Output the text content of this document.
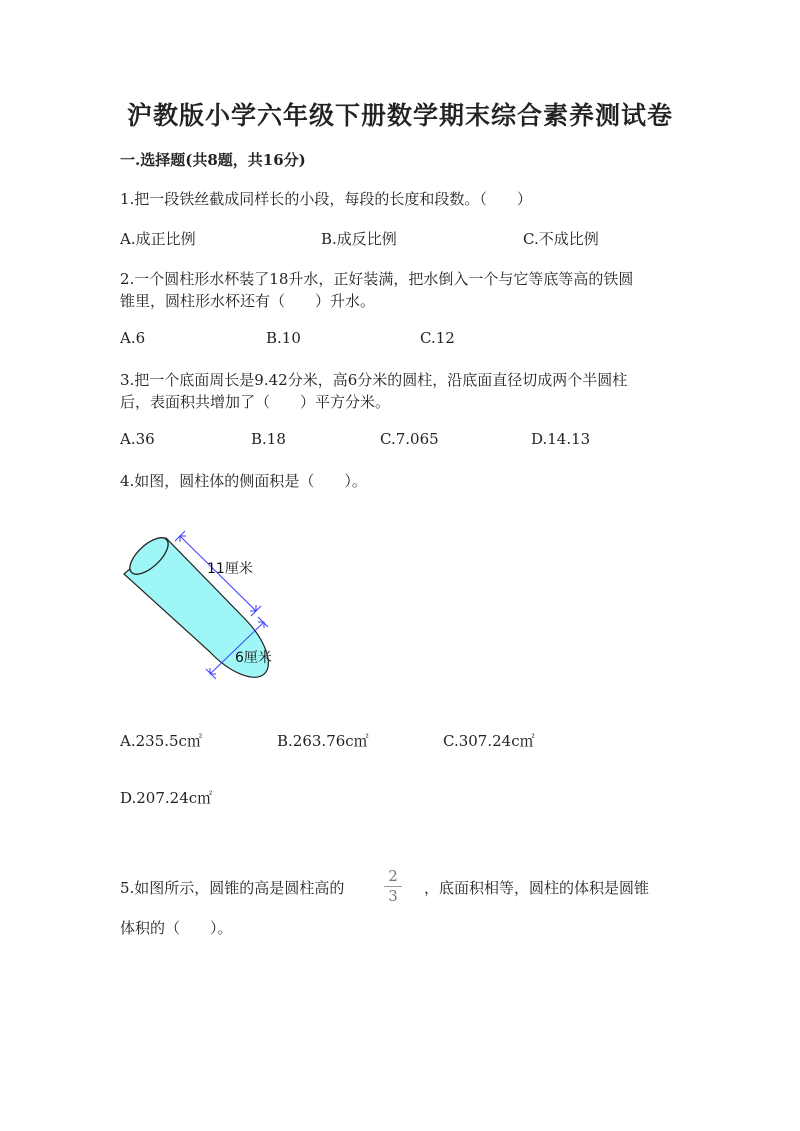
沪教版小学六年级下册数学期末综合素养测试卷
一.选择题(共8题，共16分)
1.把一段铁丝截成同样长的小段，每段的长度和段数。（　　）
A.成正比例	B.成反比例	C.不成比例
2.一个圆柱形水杯装了18升水，正好装满，把水倒入一个与它等底等高的铁圆
锥里，圆柱形水杯还有（　　）升水。
A.6	B.10	C.12
3.把一个底面周长是9.42分米，高6分米的圆柱，沿底面直径切成两个半圆柱
后，表面积共增加了（　　）平方分米。
A.36	B.18	C.7.065	D.14.13
4.如图，圆柱体的侧面积是（　　）。
11厘米
6厘米
A.235.5c㎡	B.263.76c㎡	C.307.24c㎡
D.207.24c㎡
5.如图所示，圆锥的高是圆柱高的
2
3	，底面积相等，圆柱的体积是圆锥
体积的（　　）。
